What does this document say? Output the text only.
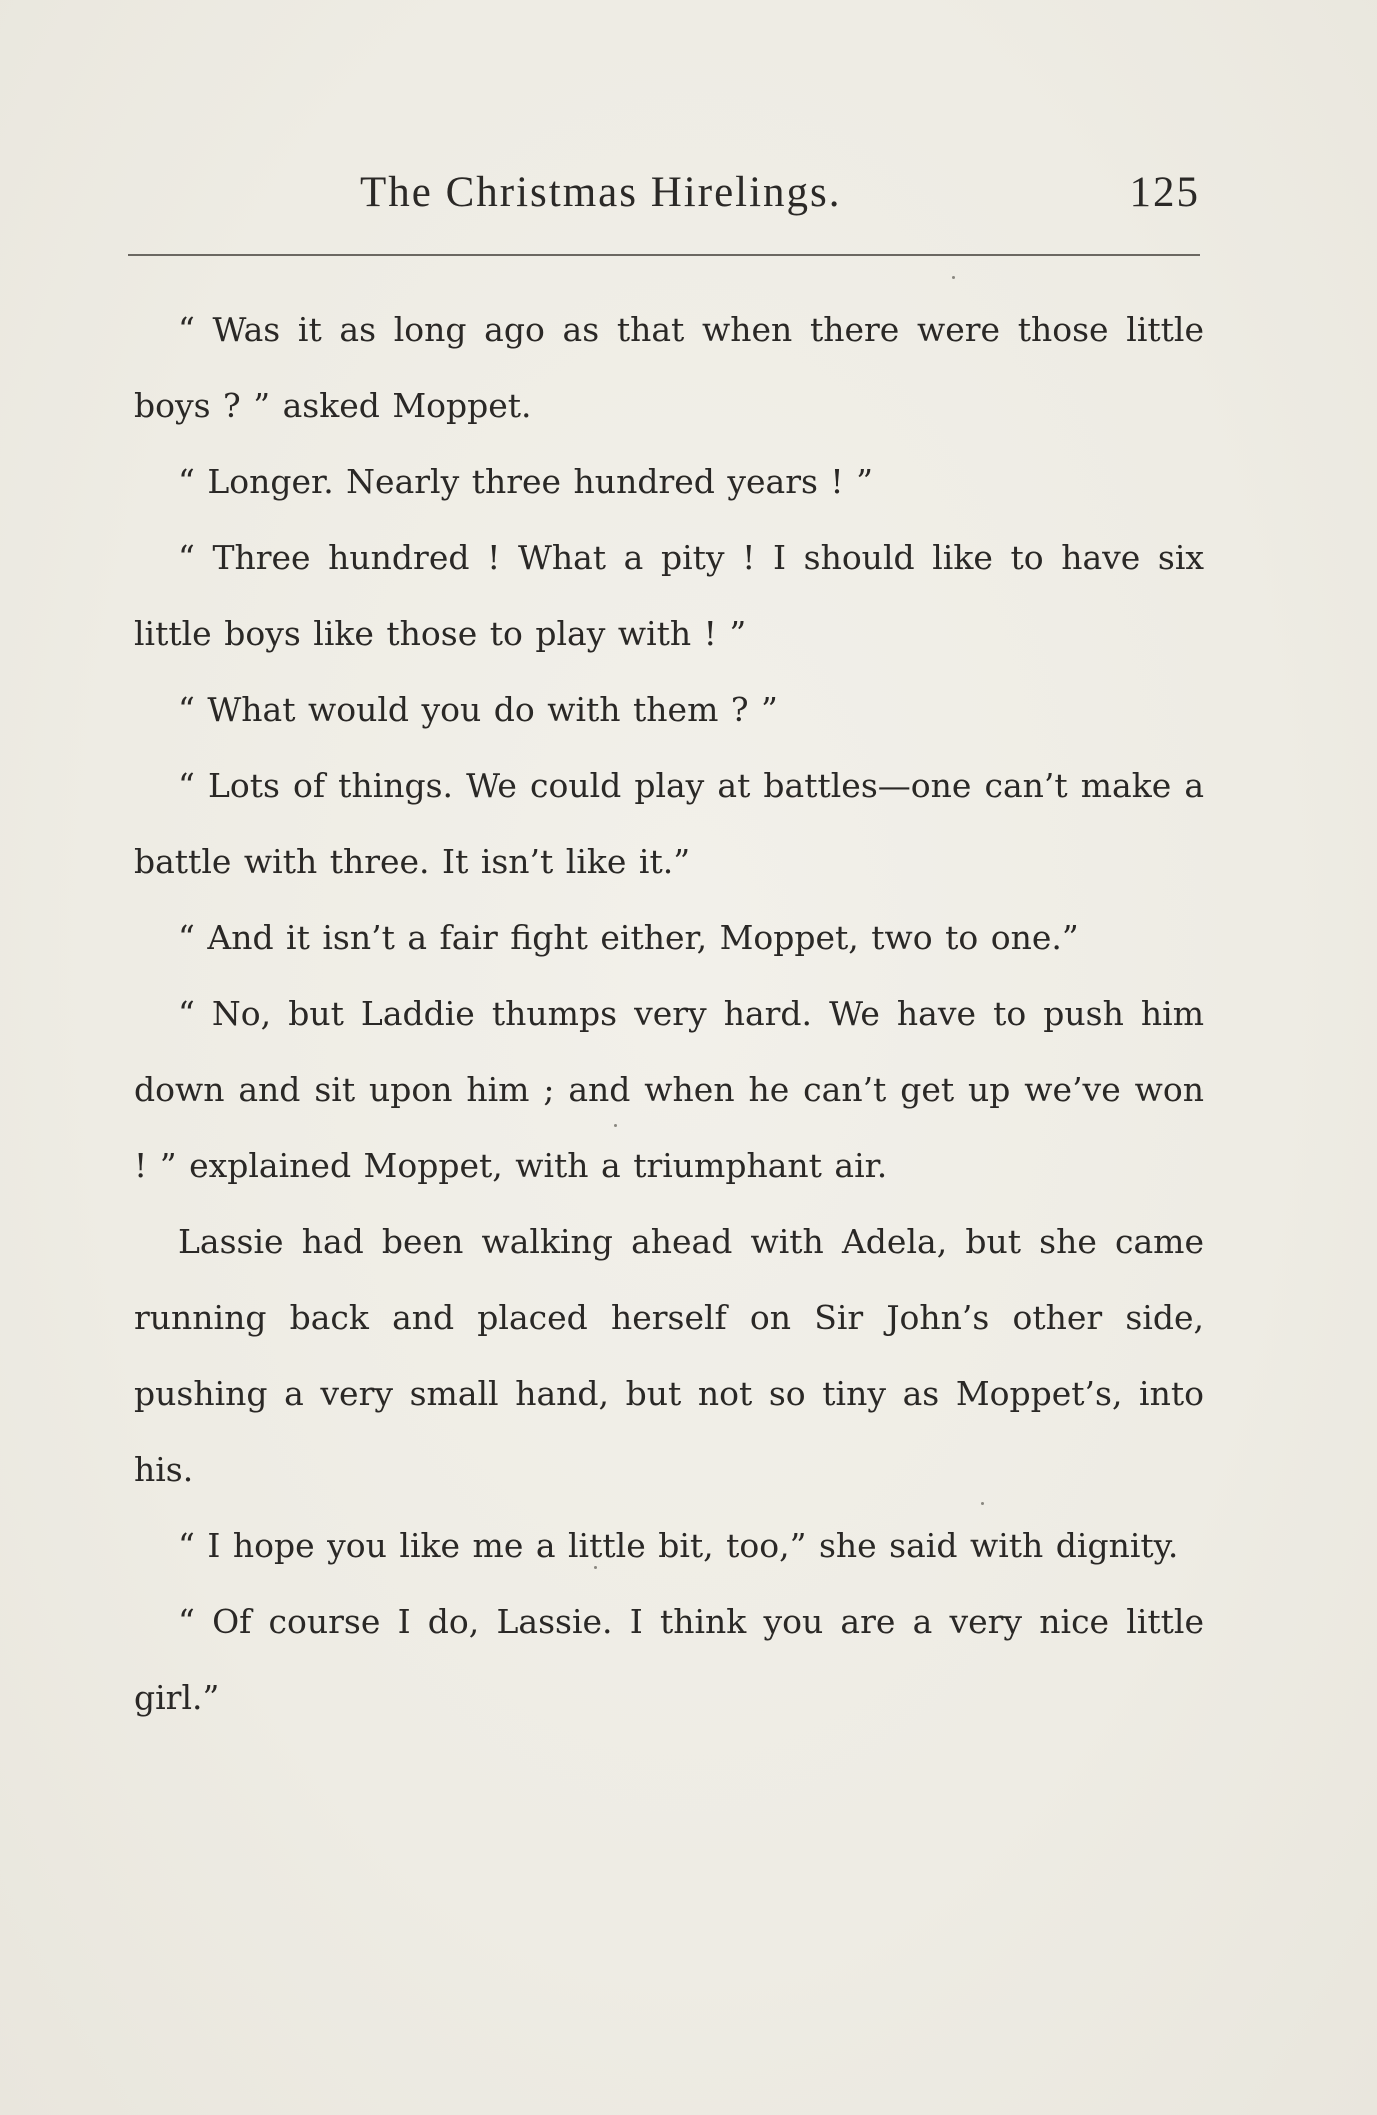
The Christmas Hirelings.	125

“ Was it as long ago as that when there were those little boys ? ” asked Moppet.

“ Longer. Nearly three hundred years ! ”

“ Three hundred ! What a pity ! I should like to have six little boys like those to play with ! ”

“ What would you do with them ? ”

“ Lots of things. We could play at battles—one can’t make a battle with three. It isn’t like it.”

“ And it isn’t a fair fight either, Moppet, two to one.”

“ No, but Laddie thumps very hard. We have to push him down and sit upon him ; and when he can’t get up we’ve won ! ” explained Moppet, with a triumphant air.

Lassie had been walking ahead with Adela, but she came running back and placed herself on Sir John’s other side, pushing a very small hand, but not so tiny as Moppet’s, into his.

“ I hope you like me a little bit, too,” she said with dignity.

“ Of course I do, Lassie. I think you are a very nice little girl.”
